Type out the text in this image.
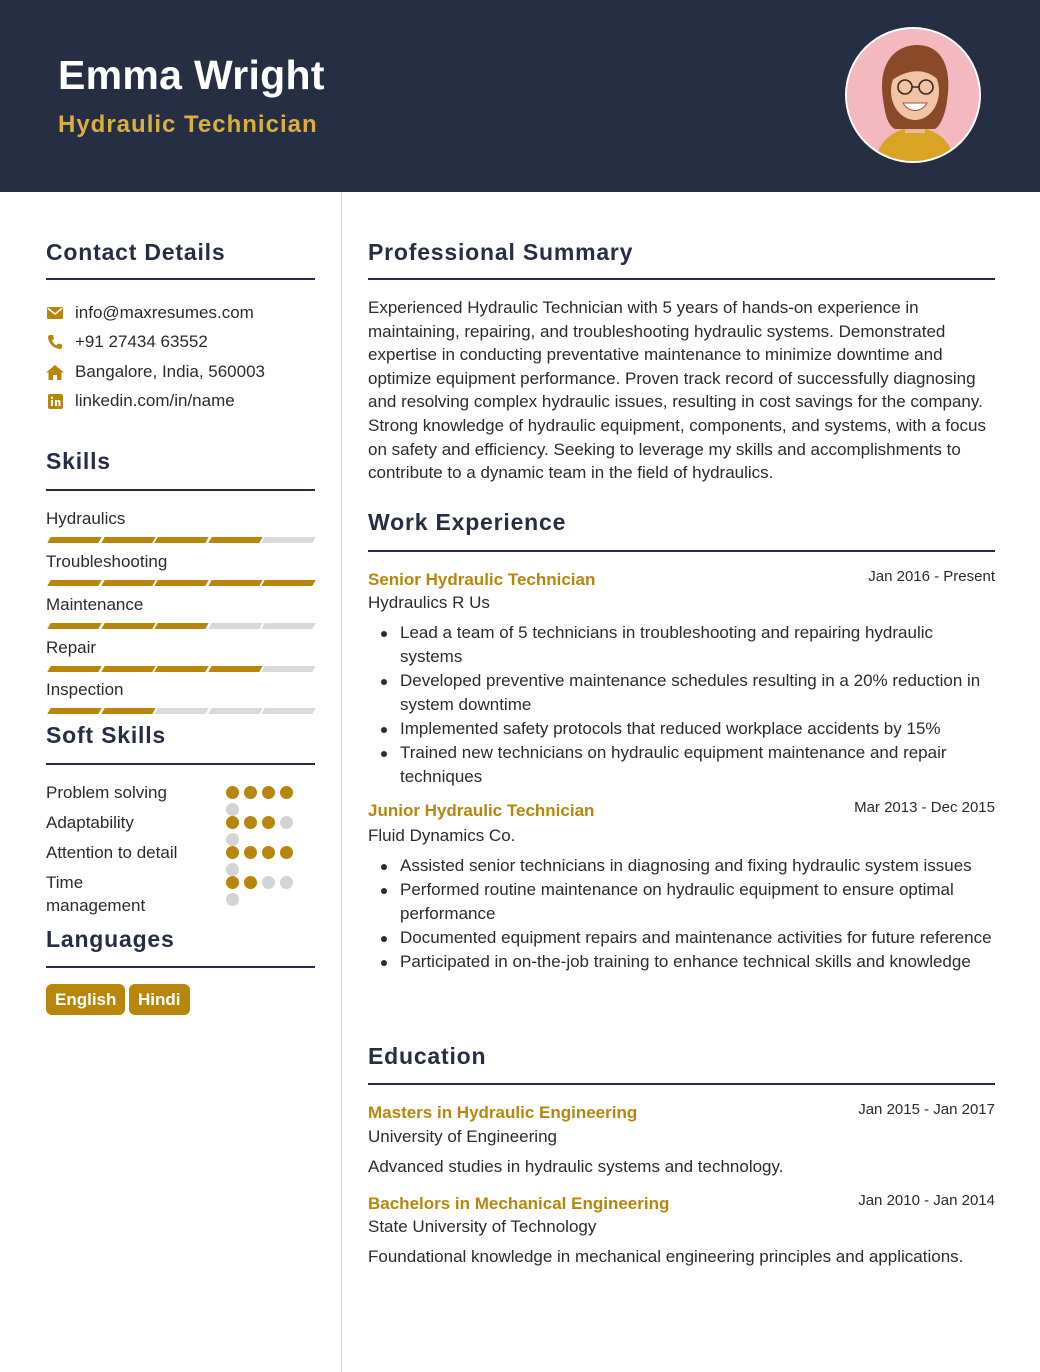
Emma Wright
Hydraulic Technician
Contact Details
info@maxresumes.com
+91 27434 63552
Bangalore, India, 560003
linkedin.com/in/name
Skills
Hydraulics
Troubleshooting
Maintenance
Repair
Inspection
Soft Skills
Problem solving
Adaptability
Attention to detail
Time management
Languages
English	Hindi
Professional Summary
Experienced Hydraulic Technician with 5 years of hands-on experience in maintaining, repairing, and troubleshooting hydraulic systems. Demonstrated expertise in conducting preventative maintenance to minimize downtime and optimize equipment performance. Proven track record of successfully diagnosing and resolving complex hydraulic issues, resulting in cost savings for the company. Strong knowledge of hydraulic equipment, components, and systems, with a focus on safety and efficiency. Seeking to leverage my skills and accomplishments to contribute to a dynamic team in the field of hydraulics.
Work Experience
Senior Hydraulic Technician	Jan 2016 - Present
Hydraulics R Us
Lead a team of 5 technicians in troubleshooting and repairing hydraulic systems
Developed preventive maintenance schedules resulting in a 20% reduction in system downtime
Implemented safety protocols that reduced workplace accidents by 15%
Trained new technicians on hydraulic equipment maintenance and repair techniques
Junior Hydraulic Technician	Mar 2013 - Dec 2015
Fluid Dynamics Co.
Assisted senior technicians in diagnosing and fixing hydraulic system issues
Performed routine maintenance on hydraulic equipment to ensure optimal performance
Documented equipment repairs and maintenance activities for future reference
Participated in on-the-job training to enhance technical skills and knowledge
Education
Masters in Hydraulic Engineering	Jan 2015 - Jan 2017
University of Engineering
Advanced studies in hydraulic systems and technology.
Bachelors in Mechanical Engineering	Jan 2010 - Jan 2014
State University of Technology
Foundational knowledge in mechanical engineering principles and applications.
